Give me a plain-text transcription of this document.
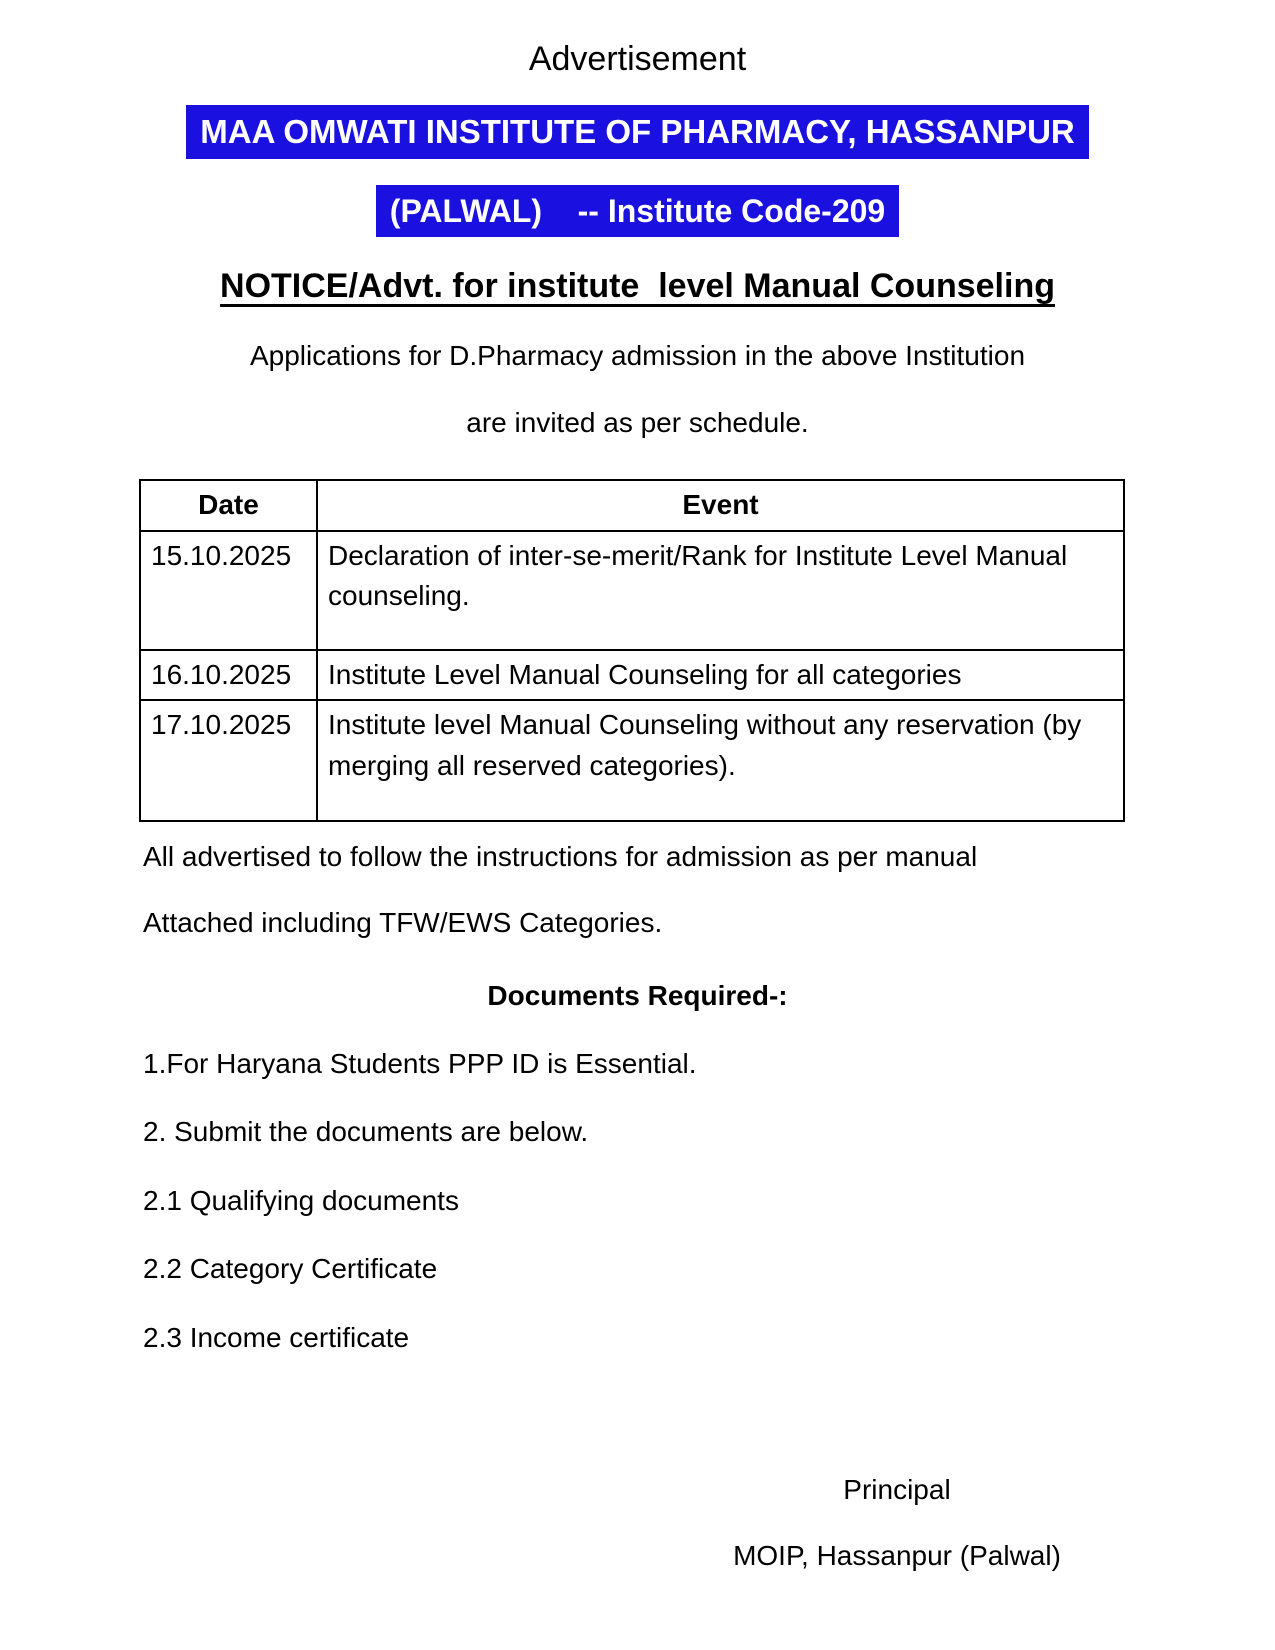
Advertisement

MAA OMWATI INSTITUTE OF PHARMACY, HASSANPUR
(PALWAL)    -- Institute Code-209

NOTICE/Advt. for institute  level Manual Counseling

Applications for D.Pharmacy admission in the above Institution

are invited as per schedule.

Date	Event
15.10.2025	Declaration of inter-se-merit/Rank for Institute Level Manual counseling.
16.10.2025	Institute Level Manual Counseling for all categories
17.10.2025	Institute level Manual Counseling without any reservation (by merging all reserved categories).

All advertised to follow the instructions for admission as per manual

Attached including TFW/EWS Categories.

Documents Required-:

1.For Haryana Students PPP ID is Essential.

2. Submit the documents are below.

2.1 Qualifying documents

2.2 Category Certificate

2.3 Income certificate

Principal

MOIP, Hassanpur (Palwal)
